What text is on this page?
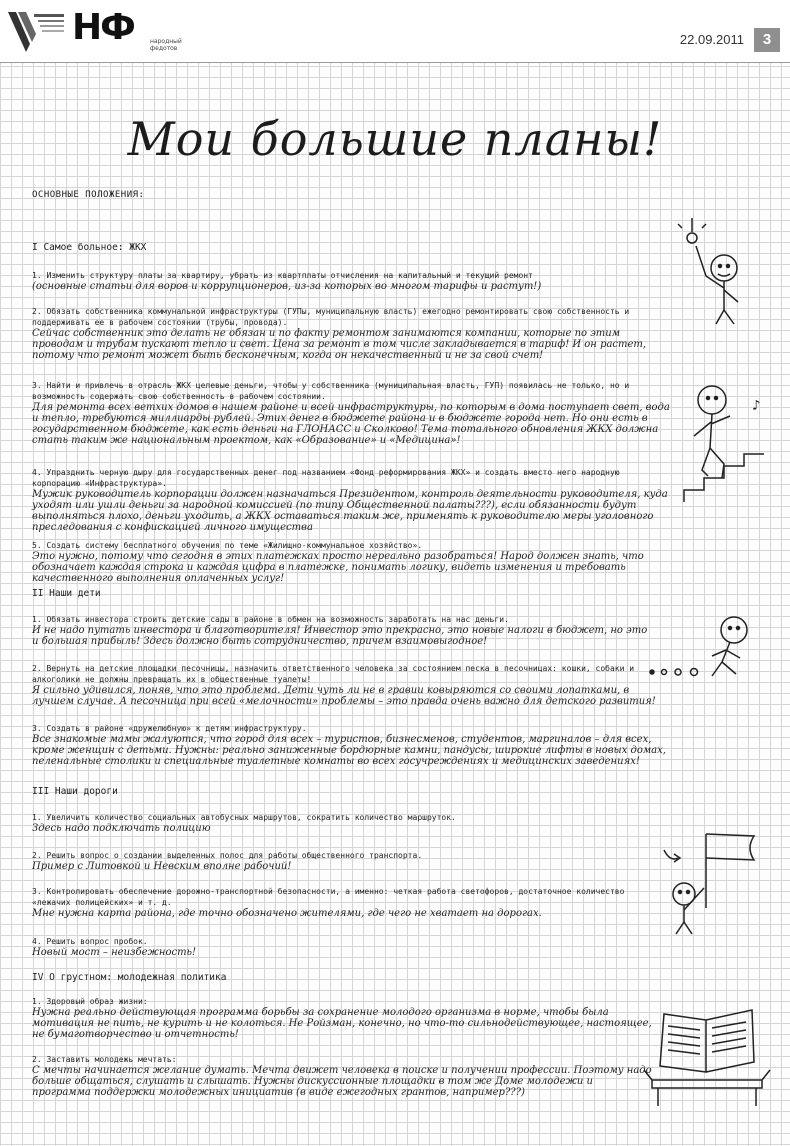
НФ	народный федотов
22.09.2011	3
Мои большие планы!
ОСНОВНЫЕ ПОЛОЖЕНИЯ:
I Самое больное: ЖКХ
1. Изменить структуру платы за квартиру, убрать из квартплаты отчисления на капитальный и текущий ремонт
(основные статьи для воров и коррупционеров, из-за которых во многом тарифы и растут!)
2. Обязать собственника коммунальной инфраструктуры (ГУПы, муниципальную власть) ежегодно ремонтировать свою собственность и поддерживать ее в рабочем состоянии (трубы, провода).
Сейчас собственник это делать не обязан и по факту ремонтом занимаются компании, которые по этим проводам и трубам пускают тепло и свет. Цена за ремонт в том числе закладывается в тариф! И он растет, потому что ремонт может быть бесконечным, когда он некачественный и не за свой счет!
3. Найти и привлечь в отрасль ЖКХ целевые деньги, чтобы у собственника (муниципальная власть, ГУП) появилась не только, но и возможность содержать свою собственность в рабочем состоянии.
Для ремонта всех ветхих домов в нашем районе и всей инфраструктуры, по которым в дома поступает свет, вода и тепло, требуются миллиарды рублей. Этих денег в бюджете района и в бюджете города нет. Но они есть в государственном бюджете, как есть деньги на ГЛОНАСС и Сколково! Тема тотального обновления ЖКХ должна стать таким же национальным проектом, как «Образование» и «Медицина»!
4. Упразднить черную дыру для государственных денег под названием «Фонд реформирования ЖКХ» и создать вместо него народную корпорацию «Инфраструктура».
Мужик руководитель корпорации должен назначаться Президентом, контроль деятельности руководителя, куда уходят или ушли деньги за народной комиссией (по типу Общественной палаты???), если обязанности будут выполняться плохо, деньги уходить, а ЖКХ оставаться таким же, применять к руководителю меры уголовного преследования с конфискацией личного имущества
5. Создать систему бесплатного обучения по теме «Жилищно-коммунальное хозяйство».
Это нужно, потому что сегодня в этих платежках просто нереально разобраться! Народ должен знать, что обозначает каждая строка и каждая цифра в платежке, понимать логику, видеть изменения и требовать качественного выполнения оплаченных услуг!
II Наши дети
1. Обязать инвестора строить детские сады в районе в обмен на возможность заработать на нас деньги.
И не надо путать инвестора и благотворителя! Инвестор это прекрасно, это новые налоги в бюджет, но это и большая прибыль! Здесь должно быть сотрудничество, причем взаимовыгодное!
2. Вернуть на детские площадки песочницы, назначить ответственного человека за состоянием песка в песочницах: кошки, собаки и алкоголики не должны превращать их в общественные туалеты!
Я сильно удивился, поняв, что это проблема. Дети чуть ли не в гравии ковыряются со своими лопатками, в лучшем случае. А песочница при всей «мелочности» проблемы – это правда очень важно для детского развития!
3. Создать в районе «дружелюбную» к детям инфраструктуру.
Все знакомые мамы жалуются, что город для всех – туристов, бизнесменов, студентов, маргиналов – для всех, кроме женщин с детьми. Нужны: реально заниженные бордюрные камни, пандусы, широкие лифты в новых домах, пеленальные столики и специальные туалетные комнаты во всех госучреждениях и медицинских заведениях!
III Наши дороги
1. Увеличить количество социальных автобусных маршрутов, сократить количество маршруток.
Здесь надо подключать полицию
2. Решить вопрос о создании выделенных полос для работы общественного транспорта.
Пример с Литовкой и Невским вполне рабочий!
3. Контролировать обеспечение дорожно-транспортной безопасности, а именно: четкая работа светофоров, достаточное количество «лежачих полицейских» и т. д.
Мне нужна карта района, где точно обозначено жителями, где чего не хватает на дорогах.
4. Решить вопрос пробок.
Новый мост – неизбежность!
IV О грустном: молодежная политика
1. Здоровый образ жизни:
Нужна реально действующая программа борьбы за сохранение молодого организма в норме, чтобы была мотивация не пить, не курить и не колоться. Не Ройзман, конечно, но что-то сильнодействующее, настоящее, не бумаготворчество и отчетность!
2. Заставить молодежь мечтать:
С мечты начинается желание думать. Мечта движет человека в поиске и получении профессии. Поэтому надо больше общаться, слушать и слышать. Нужны дискуссионные площадки в том же Доме молодежи и программа поддержки молодежных инициатив (в виде ежегодных грантов, например???)
♪
